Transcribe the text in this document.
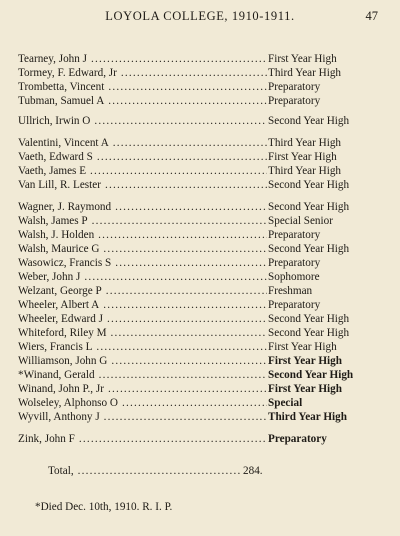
LOYOLA COLLEGE, 1910-1911.	47
Tearney, John J .....	First Year High
Tormey, F. Edward, Jr .....	Third Year High
Trombetta, Vincent .....	Preparatory
Tubman, Samuel A .....	Preparatory
Ullrich, Irwin O .....	Second Year High
Valentini, Vincent A .....	Third Year High
Vaeth, Edward S .....	First Year High
Vaeth, James E .....	Third Year High
Van Lill, R. Lester .....	Second Year High
Wagner, J. Raymond .....	Second Year High
Walsh, James P .....	Special Senior
Walsh, J. Holden .....	Preparatory
Walsh, Maurice G .....	Second Year High
Wasowicz, Francis S .....	Preparatory
Weber, John J .....	Sophomore
Welzant, George P .....	Freshman
Wheeler, Albert A .....	Preparatory
Wheeler, Edward J .....	Second Year High
Whiteford, Riley M .....	Second Year High
Wiers, Francis L .....	First Year High
Williamson, John G .....	First Year High
*Winand, Gerald .....	Second Year High
Winand, John P., Jr .....	First Year High
Wolseley, Alphonso O .....	Special
Wyvill, Anthony J .....	Third Year High
Zink, John F .....	Preparatory
Total, .....	284.
*Died Dec. 10th, 1910. R. I. P.
